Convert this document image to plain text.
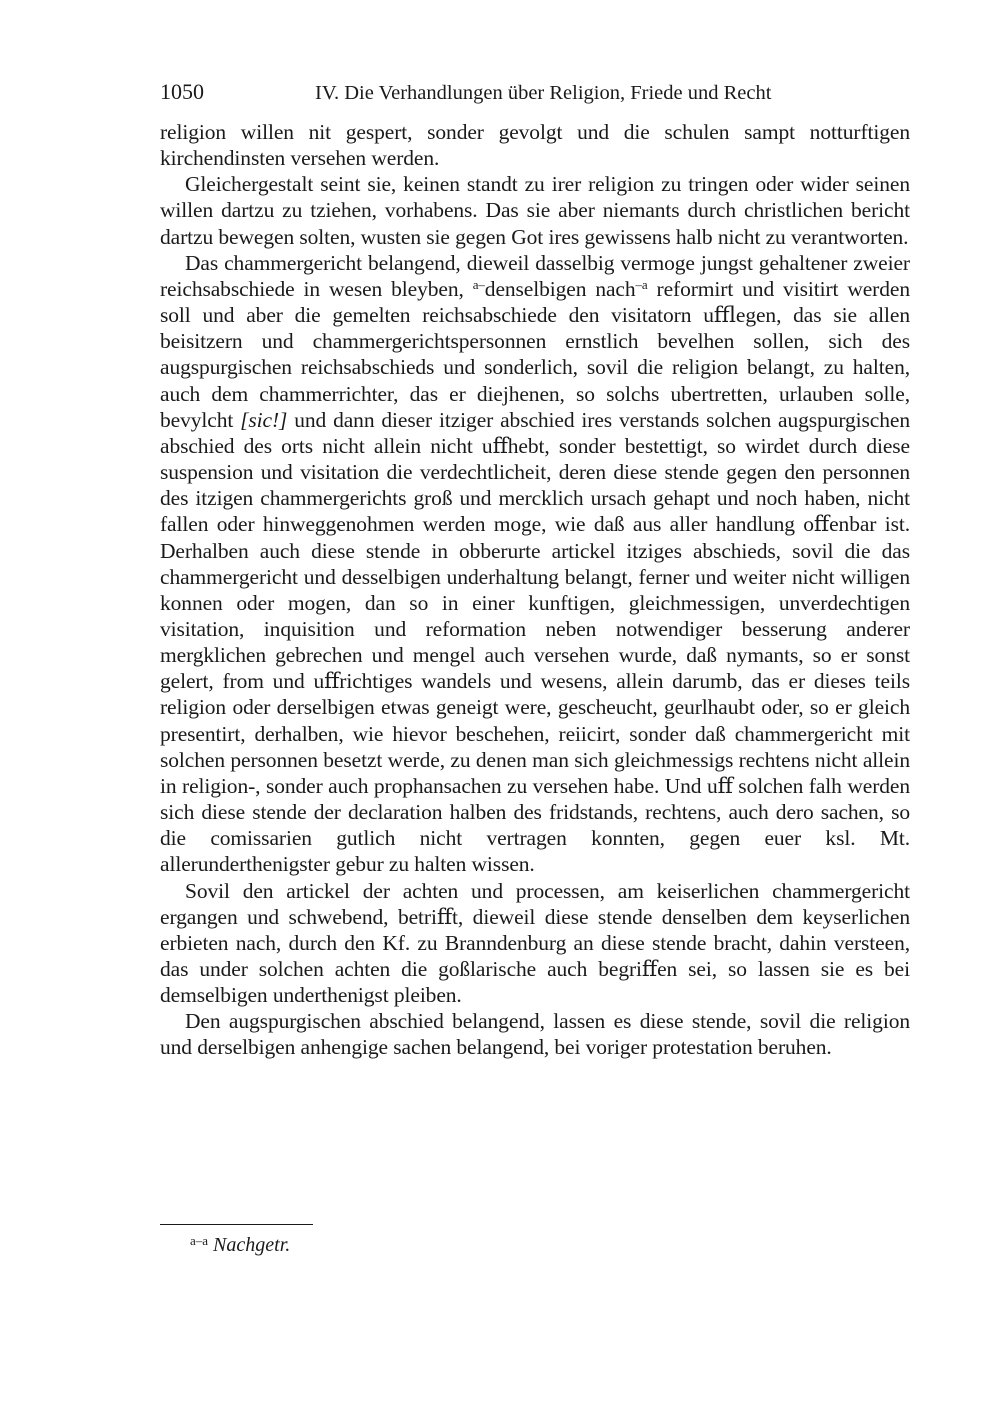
1050	IV. Die Verhandlungen über Religion, Friede und Recht

religion willen nit gespert, sonder gevolgt und die schulen sampt notturftigen kirchendinsten versehen werden.

Gleichergestalt seint sie, keinen standt zu irer religion zu tringen oder wider seinen willen dartzu zu tziehen, vorhabens. Das sie aber niemants durch christlichen bericht dartzu bewegen solten, wusten sie gegen Got ires gewissens halb nicht zu verantworten.

Das chammergericht belangend, dieweil dasselbig vermoge jungst gehaltener zweier reichsabschiede in wesen bleyben, $^{a-}$denselbigen nach$^{-a}$ reformirt und visitirt werden soll und aber die gemelten reichsabschiede den visitatorn uﬄegen, das sie allen beisitzern und chammergerichtspersonnen ernstlich bevelhen sollen, sich des augspurgischen reichsabschieds und sonderlich, sovil die religion belangt, zu halten, auch dem chammerrichter, das er diejhenen, so solchs ubertretten, urlauben solle, bevylcht [sic!] und dann dieser itziger abschied ires verstands solchen augspurgischen abschied des orts nicht allein nicht uﬀhebt, sonder bestettigt, so wirdet durch diese suspension und visitation die verdechtlicheit, deren diese stende gegen den personnen des itzigen chammergerichts groß und mercklich ursach gehapt und noch haben, nicht fallen oder hinweggenohmen werden moge, wie daß aus aller handlung oﬀenbar ist. Derhalben auch diese stende in obberurte artickel itziges abschieds, sovil die das chammergericht und desselbigen underhaltung belangt, ferner und weiter nicht willigen konnen oder mogen, dan so in einer kunftigen, gleichmessigen, unverdechtigen visitation, inquisition und reformation neben notwendiger besserung anderer mergklichen gebrechen und mengel auch versehen wurde, daß nymants, so er sonst gelert, from und uﬀrichtiges wandels und wesens, allein darumb, das er dieses teils religion oder derselbigen etwas geneigt were, gescheucht, geurlhaubt oder, so er gleich presentirt, derhalben, wie hievor beschehen, reiicirt, sonder daß chammergericht mit solchen personnen besetzt werde, zu denen man sich gleichmessigs rechtens nicht allein in religion-, sonder auch prophansachen zu versehen habe. Und uﬀ solchen falh werden sich diese stende der declaration halben des fridstands, rechtens, auch dero sachen, so die comissarien gutlich nicht vertragen konnten, gegen euer ksl. Mt. allerunderthenigster gebur zu halten wissen.

Sovil den artickel der achten und processen, am keiserlichen chammergericht ergangen und schwebend, betriﬀt, dieweil diese stende denselben dem keyserlichen erbieten nach, durch den Kf. zu Branndenburg an diese stende bracht, dahin versteen, das under solchen achten die goßlarische auch begriﬀen sei, so lassen sie es bei demselbigen underthenigst pleiben.

Den augspurgischen abschied belangend, lassen es diese stende, sovil die religion und derselbigen anhengige sachen belangend, bei voriger protestation beruhen.

$^{a-a}$ Nachgetr.
